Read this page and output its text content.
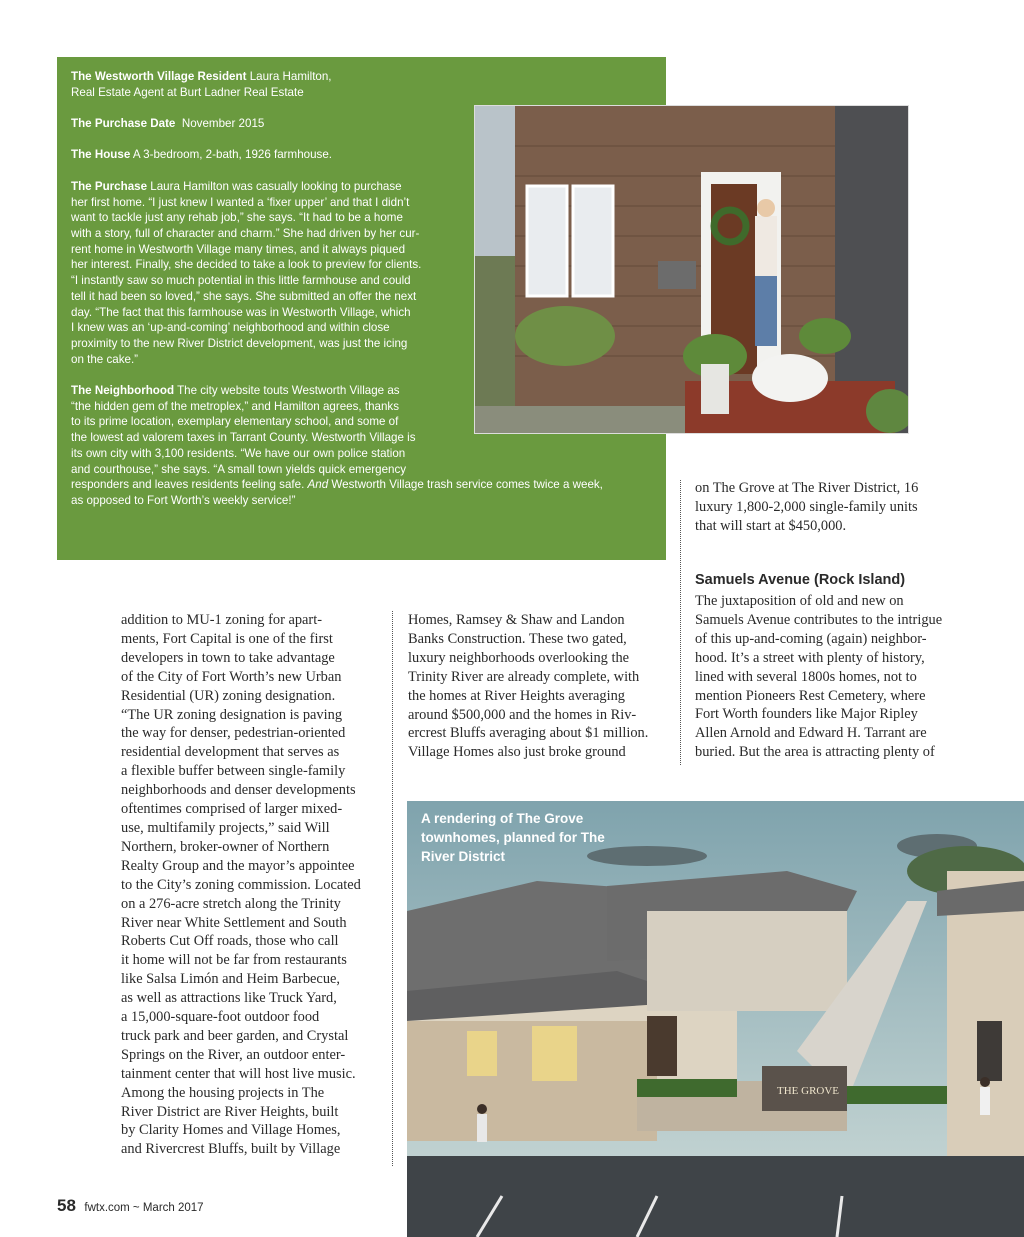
The Westworth Village Resident Laura Hamilton,
Real Estate Agent at Burt Ladner Real Estate

The Purchase Date November 2015

The House A 3-bedroom, 2-bath, 1926 farmhouse.

The Purchase Laura Hamilton was casually looking to purchase
her first home. “I just knew I wanted a ‘fixer upper’ and that I didn’t
want to tackle just any rehab job,” she says. “It had to be a home
with a story, full of character and charm.” She had driven by her cur-
rent home in Westworth Village many times, and it always piqued
her interest. Finally, she decided to take a look to preview for clients.
“I instantly saw so much potential in this little farmhouse and could
tell it had been so loved,” she says. She submitted an offer the next
day. “The fact that this farmhouse was in Westworth Village, which
I knew was an ‘up-and-coming’ neighborhood and within close
proximity to the new River District development, was just the icing
on the cake.”

The Neighborhood The city website touts Westworth Village as
“the hidden gem of the metroplex,” and Hamilton agrees, thanks
to its prime location, exemplary elementary school, and some of
the lowest ad valorem taxes in Tarrant County. Westworth Village is
its own city with 3,100 residents. “We have our own police station
and courthouse,” she says. “A small town yields quick emergency
responders and leaves residents feeling safe. And Westworth Village trash service comes twice a week,
as opposed to Fort Worth’s weekly service!”

addition to MU-1 zoning for apart-
ments, Fort Capital is one of the first
developers in town to take advantage
of the City of Fort Worth’s new Urban
Residential (UR) zoning designation.
“The UR zoning designation is paving
the way for denser, pedestrian-oriented
residential development that serves as
a flexible buffer between single-family
neighborhoods and denser developments
oftentimes comprised of larger mixed-
use, multifamily projects,” said Will
Northern, broker-owner of Northern
Realty Group and the mayor’s appointee
to the City’s zoning commission. Located
on a 276-acre stretch along the Trinity
River near White Settlement and South
Roberts Cut Off roads, those who call
it home will not be far from restaurants
like Salsa Limón and Heim Barbecue,
as well as attractions like Truck Yard,
a 15,000-square-foot outdoor food
truck park and beer garden, and Crystal
Springs on the River, an outdoor enter-
tainment center that will host live music.
Among the housing projects in The
River District are River Heights, built
by Clarity Homes and Village Homes,
and Rivercrest Bluffs, built by Village
Homes, Ramsey & Shaw and Landon
Banks Construction. These two gated,
luxury neighborhoods overlooking the
Trinity River are already complete, with
the homes at River Heights averaging
around $500,000 and the homes in Riv-
ercrest Bluffs averaging about $1 million.
Village Homes also just broke ground
on The Grove at The River District, 16
luxury 1,800-2,000 single-family units
that will start at $450,000.
Samuels Avenue (Rock Island)
The juxtaposition of old and new on
Samuels Avenue contributes to the intrigue
of this up-and-coming (again) neighbor-
hood. It’s a street with plenty of history,
lined with several 1800s homes, not to
mention Pioneers Rest Cemetery, where
Fort Worth founders like Major Ripley
Allen Arnold and Edward H. Tarrant are
buried. But the area is attracting plenty of
THE GROVE
A rendering of The Grove
townhomes, planned for The
River District
58 fwtx.com ~ March 2017
